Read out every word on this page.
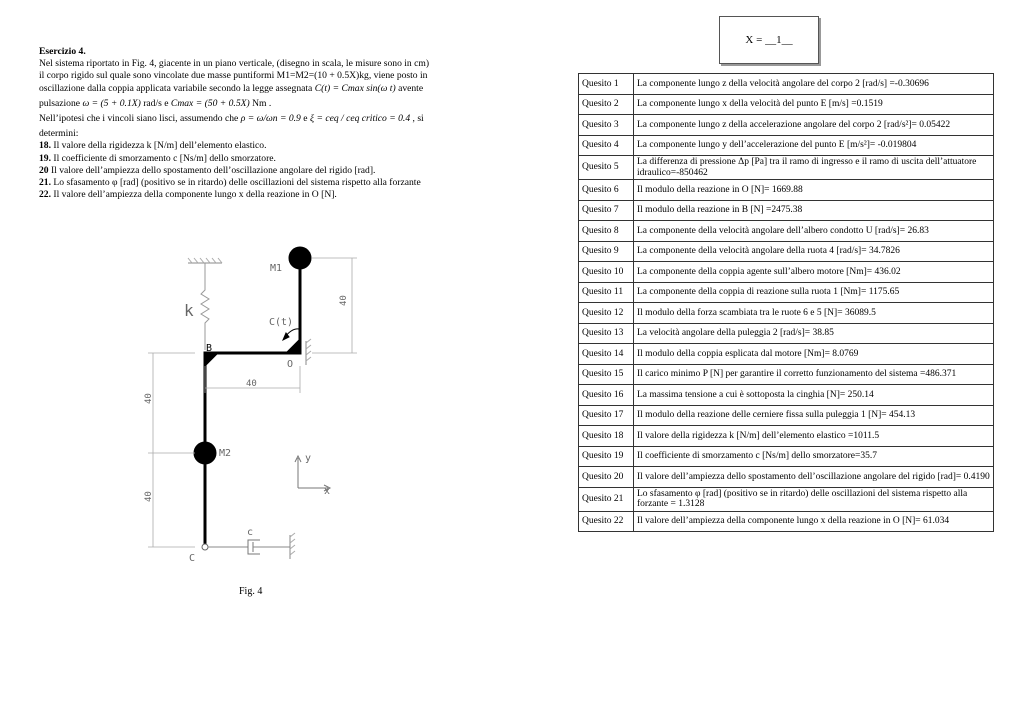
X = __1__

Esercizio 4.

Nel sistema riportato in Fig. 4, giacente in un piano verticale, (disegno in scala, le misure sono in cm)

il corpo rigido sul quale sono vincolate due masse puntiformi M1=M2=(10 + 0.5X)kg, viene posto in

oscillazione dalla coppia applicata variabile secondo la legge assegnata C(t) = Cmax sin(ω t) avente

pulsazione ω = (5 + 0.1X) rad/s e Cmax = (50 + 0.5X) Nm .

Nell’ipotesi che i vincoli siano lisci, assumendo che ρ = ω/ωn = 0.9 e ξ = ceq / ceq critico = 0.4 , si

determini:

18. Il valore della rigidezza k [N/m] dell’elemento elastico.

19. Il coefficiente di smorzamento c [Ns/m] dello smorzatore.

20 Il valore dell’ampiezza dello spostamento dell’oscillazione angolare del rigido [rad].

21. Lo sfasamento φ [rad] (positivo se in ritardo) delle oscillazioni del sistema rispetto alla forzante

22. Il valore dell’ampiezza della componente lungo x della reazione in O [N].

Quesito 1	La componente lungo z della velocità angolare del corpo 2 [rad/s] =-0.30696
Quesito 2	La componente lungo x della velocità del punto E [m/s] =0.1519
Quesito 3	La componente lungo z della accelerazione angolare del corpo 2 [rad/s²]= 0.05422
Quesito 4	La componente lungo y dell’accelerazione del punto E [m/s²]= -0.019804
Quesito 5	La differenza di pressione Δp [Pa] tra il ramo di ingresso e il ramo di uscita dell’attuatore idraulico=-850462
Quesito 6	Il modulo della reazione in O [N]= 1669.88
Quesito 7	Il modulo della reazione in B [N] =2475.38
Quesito 8	La componente della velocità angolare dell’albero condotto U [rad/s]= 26.83
Quesito 9	La componente della velocità angolare della ruota 4 [rad/s]= 34.7826
Quesito 10	La componente della coppia agente sull’albero motore [Nm]= 436.02
Quesito 11	La componente della coppia di reazione sulla ruota 1 [Nm]= 1175.65
Quesito 12	Il modulo della forza scambiata tra le ruote 6 e 5 [N]= 36089.5
Quesito 13	La velocità angolare della puleggia 2 [rad/s]= 38.85
Quesito 14	Il modulo della coppia esplicata dal motore [Nm]= 8.0769
Quesito 15	Il carico minimo P [N] per garantire il corretto funzionamento del sistema =486.371
Quesito 16	La massima tensione a cui è sottoposta la cinghia [N]= 250.14
Quesito 17	Il modulo della reazione delle cerniere fissa sulla puleggia 1 [N]= 454.13
Quesito 18	Il valore della rigidezza k [N/m] dell’elemento elastico =1011.5
Quesito 19	Il coefficiente di smorzamento c [Ns/m] dello smorzatore=35.7
Quesito 20	Il valore dell’ampiezza dello spostamento dell’oscillazione angolare del rigido [rad]= 0.4190
Quesito 21	Lo sfasamento φ [rad] (positivo se in ritardo) delle oscillazioni del sistema rispetto alla forzante = 1.3128
Quesito 22	Il valore dell’ampiezza della componente lungo x della reazione in O [N]= 61.034
M1
M2
k
C(t)
B
O
c
C
x
y
40
40
40
40
Fig. 4
